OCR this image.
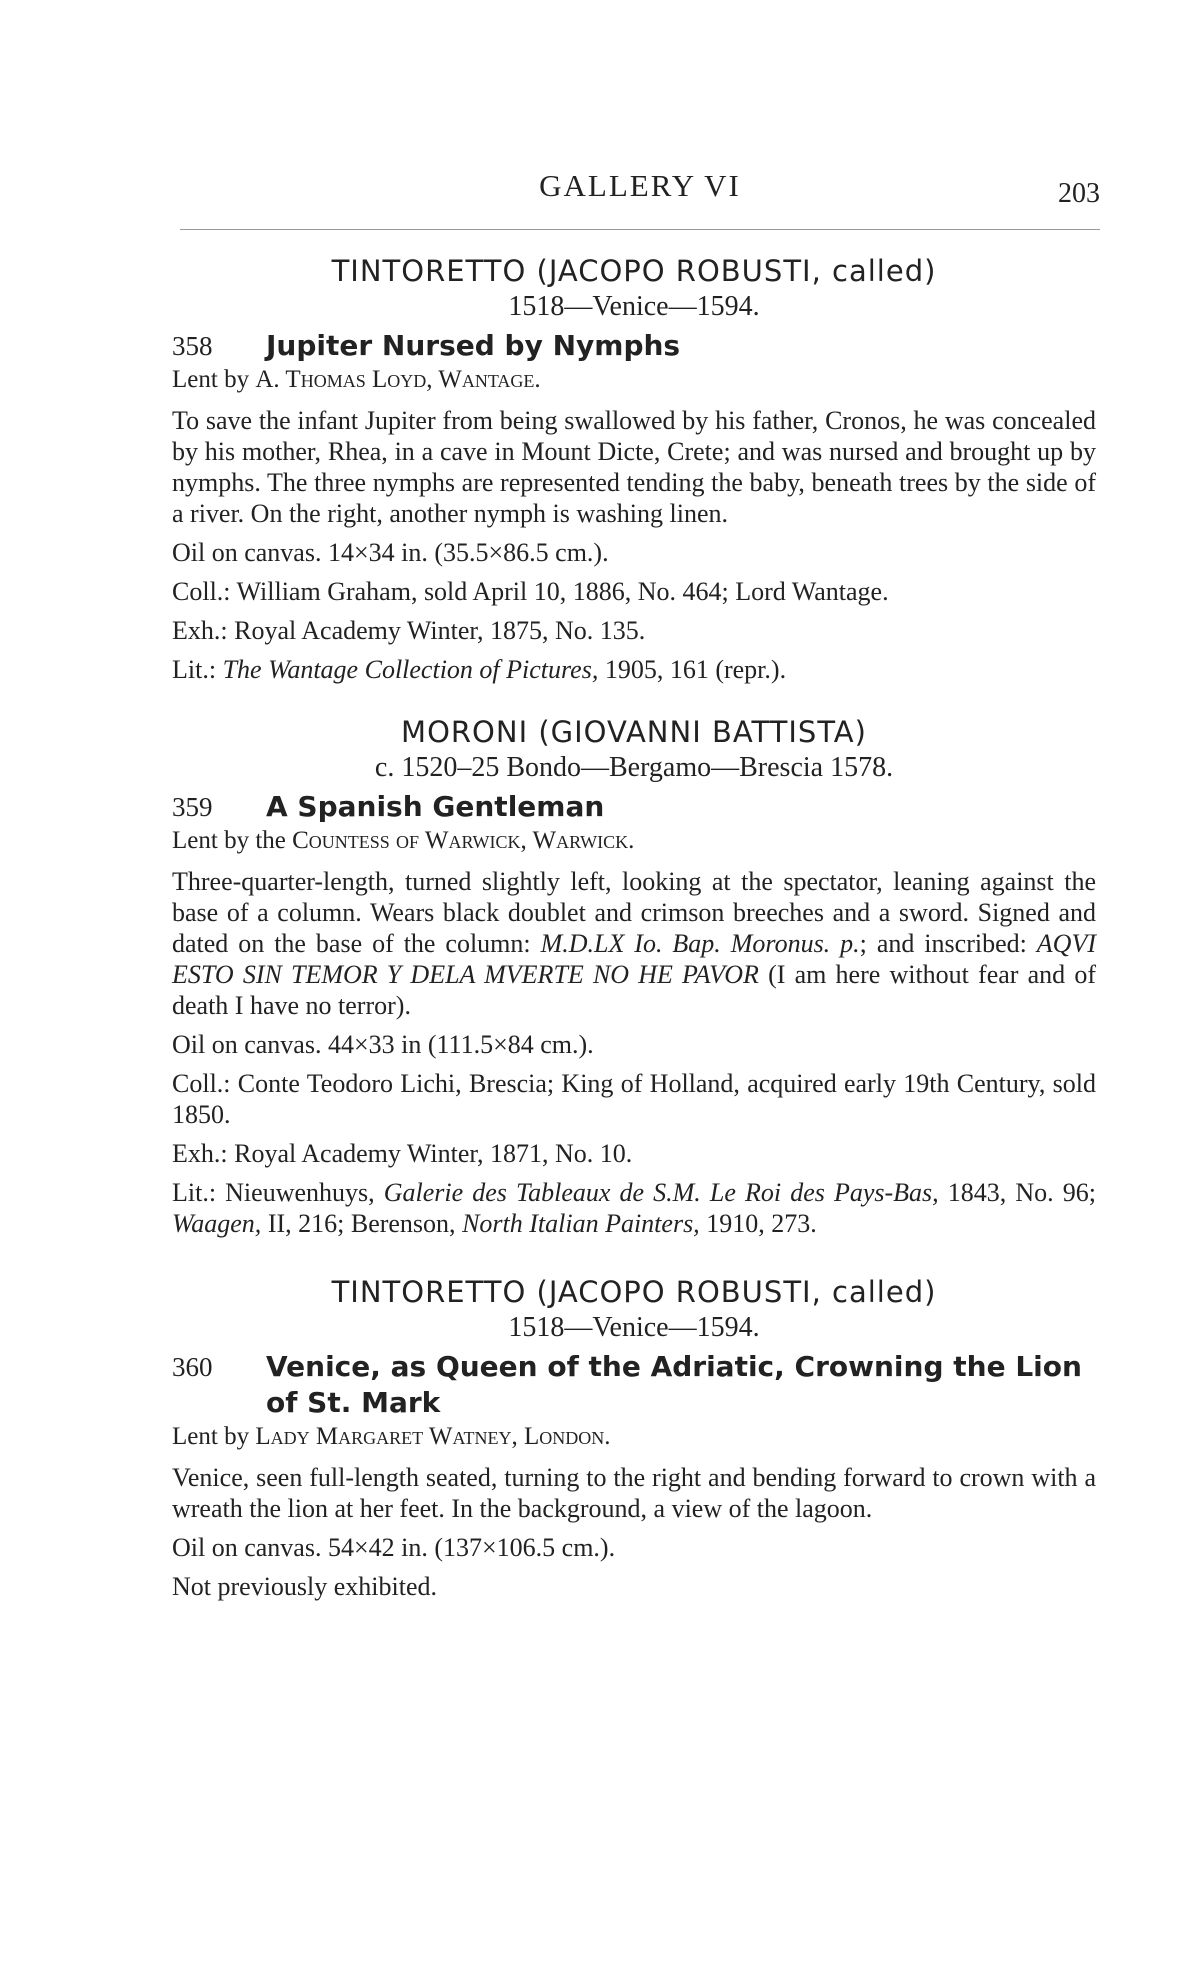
GALLERY VI	203
TINTORETTO (JACOPO ROBUSTI, called)
1518—Venice—1594.
358	Jupiter Nursed by Nymphs

Lent by A. Thomas Loyd, Wantage.

To save the infant Jupiter from being swallowed by his father, Cronos, he was concealed by his mother, Rhea, in a cave in Mount Dicte, Crete; and was nursed and brought up by nymphs. The three nymphs are represented tending the baby, beneath trees by the side of a river. On the right, another nymph is washing linen.

Oil on canvas. 14×34 in. (35.5×86.5 cm.).

Coll.: William Graham, sold April 10, 1886, No. 464; Lord Wantage.

Exh.: Royal Academy Winter, 1875, No. 135.

Lit.: The Wantage Collection of Pictures, 1905, 161 (repr.).

MORONI (GIOVANNI BATTISTA)
c. 1520–25 Bondo—Bergamo—Brescia 1578.
359	A Spanish Gentleman

Lent by the Countess of Warwick, Warwick.

Three-quarter-length, turned slightly left, looking at the spectator, leaning against the base of a column. Wears black doublet and crimson breeches and a sword. Signed and dated on the base of the column: M.D.LX Io. Bap. Moronus. p.; and inscribed: AQVI ESTO SIN TEMOR Y DELA MVERTE NO HE PAVOR (I am here without fear and of death I have no terror).

Oil on canvas. 44×33 in (111.5×84 cm.).

Coll.: Conte Teodoro Lichi, Brescia; King of Holland, acquired early 19th Century, sold 1850.

Exh.: Royal Academy Winter, 1871, No. 10.

Lit.: Nieuwenhuys, Galerie des Tableaux de S.M. Le Roi des Pays-Bas, 1843, No. 96; Waagen, II, 216; Berenson, North Italian Painters, 1910, 273.

TINTORETTO (JACOPO ROBUSTI, called)
1518—Venice—1594.
360	Venice, as Queen of the Adriatic, Crowning the Lion of St. Mark

Lent by Lady Margaret Watney, London.

Venice, seen full-length seated, turning to the right and bending forward to crown with a wreath the lion at her feet. In the background, a view of the lagoon.

Oil on canvas. 54×42 in. (137×106.5 cm.).

Not previously exhibited.
